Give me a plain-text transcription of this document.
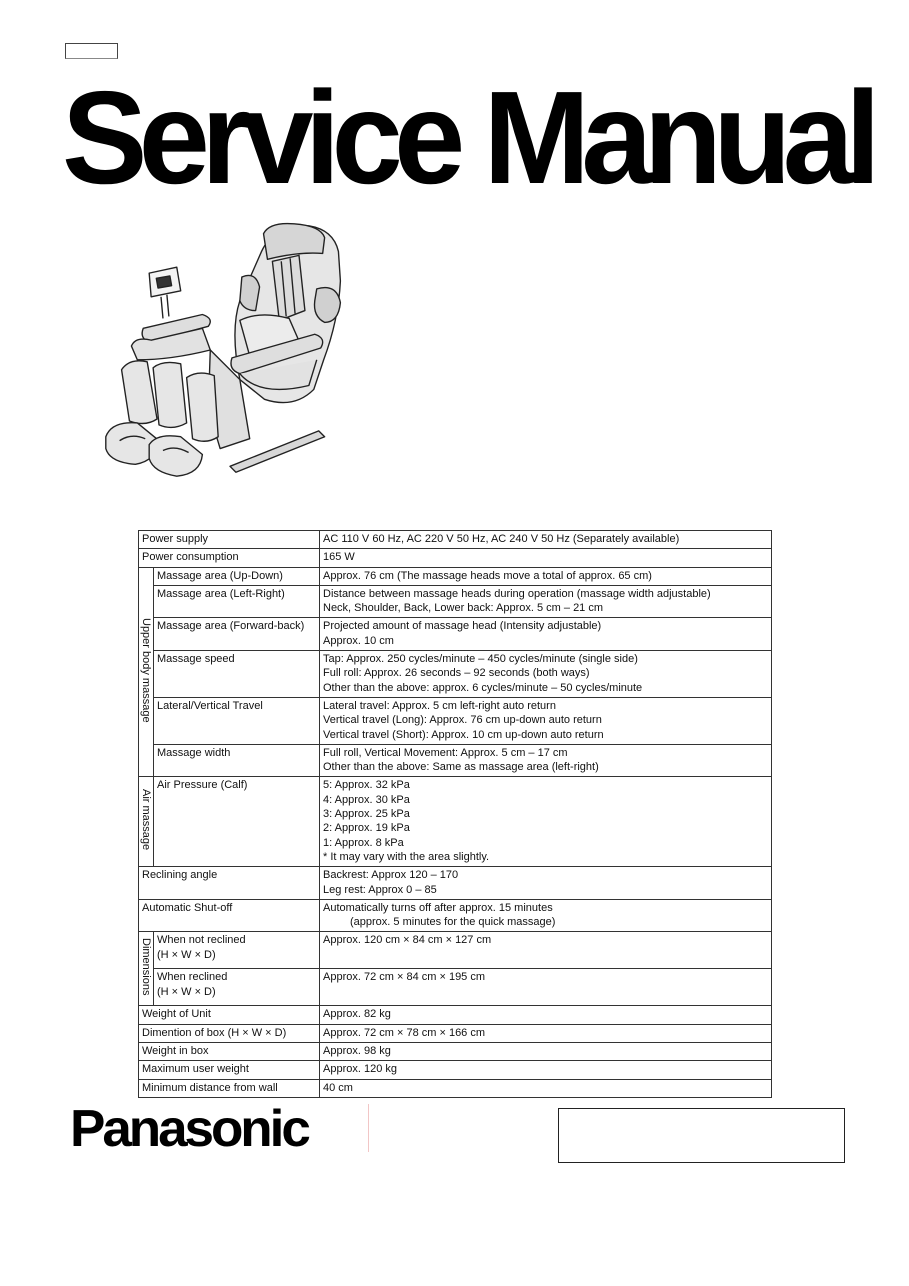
Service Manual
Power supply		AC 110 V 60 Hz, AC 220 V 50 Hz, AC 240 V 50 Hz (Separately available)

Power consumption		165 W

Upper body massage	Massage area (Up-Down)	Approx. 76 cm (The massage heads move a total of approx. 65 cm)

	Massage area (Left-Right)	Distance between massage heads during operation (massage width adjustable)
Neck, Shoulder, Back, Lower back: Approx. 5 cm – 21 cm

	Massage area (Forward-back)	Projected amount of massage head (Intensity adjustable)
Approx. 10 cm

	Massage speed	Tap: Approx. 250 cycles/minute – 450 cycles/minute (single side)
Full roll: Approx. 26 seconds – 92 seconds (both ways)
Other than the above: approx. 6 cycles/minute – 50 cycles/minute

	Lateral/Vertical Travel	Lateral travel: Approx. 5 cm left-right auto return
Vertical travel (Long): Approx. 76 cm up-down auto return
Vertical travel (Short): Approx. 10 cm up-down auto return

	Massage width	Full roll, Vertical Movement: Approx. 5 cm – 17 cm
Other than the above: Same as massage area (left-right)

Air massage	Air Pressure (Calf)	5: Approx. 32 kPa
4: Approx. 30 kPa
3: Approx. 25 kPa
2: Approx. 19 kPa
1: Approx. 8 kPa
* It may vary with the area slightly.

Reclining angle		Backrest: Approx 120 – 170
Leg rest: Approx 0 – 85

Automatic Shut-off		Automatically turns off after approx. 15 minutes
(approx. 5 minutes for the quick massage)

Dimensions	When not reclined
(H × W × D)	Approx. 120 cm × 84 cm × 127 cm

	When reclined
(H × W × D)	Approx. 72 cm × 84 cm × 195 cm

Weight of Unit		Approx. 82 kg

Dimention of box (H × W × D)		Approx. 72 cm × 78 cm × 166 cm

Weight in box		Approx. 98 kg

Maximum user weight		Approx. 120 kg

Minimum distance from wall		40 cm
Panasonic
